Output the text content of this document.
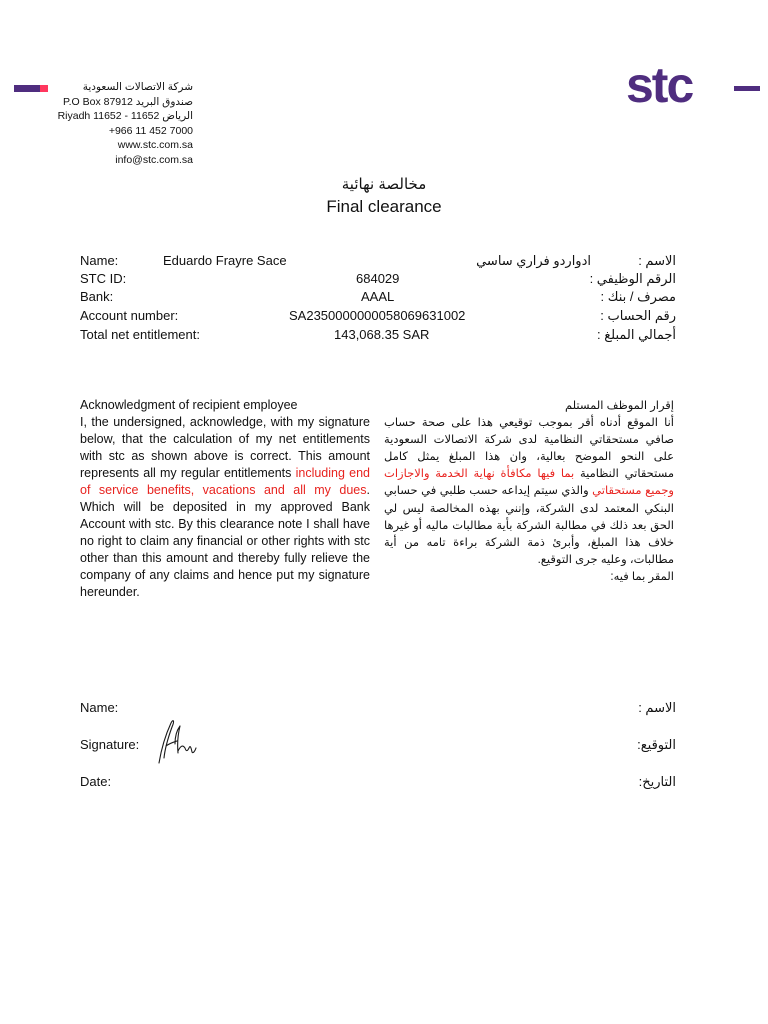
شركة الاتصالات السعودية
P.O Box 87912 صندوق البريد
Riyadh 11652 - 11652 الرياض
+966 11 452 7000
www.stc.com.sa
info@stc.com.sa
stc
مخالصة نهائية
Final clearance
Name:	Eduardo Frayre Sace	ادواردو فراري ساسي	الاسم :
STC ID:	684029	الرقم الوظيفي :
Bank:	AAAL	مصرف / بنك :
Account number:	SA2350000000058069631002	رقم الحساب :
Total net entitlement:	143,068.35 SAR	أجمالي المبلغ :
Acknowledgment of recipient employee
I, the undersigned, acknowledge, with my signature below, that the calculation of my net entitlements with stc as shown above is correct. This amount represents all my regular entitlements including end of service benefits, vacations and all my dues. Which will be deposited in my approved Bank Account with stc. By this clearance note I shall have no right to claim any financial or other rights with stc other than this amount and thereby fully relieve the company of any claims and hence put my signature hereunder.
إقرار الموظف المستلم
أنا الموقع أدناه أقر بموجب توقيعي هذا على صحة حساب صافي مستحقاتي النظامية لدى شركة الاتصالات السعودية على النحو الموضح بعالية، وان هذا المبلغ يمثل كامل مستحقاتي النظامية بما فيها مكافأة نهاية الخدمة والاجازات وجميع مستحقاتي والذي سيتم إيداعه حسب طلبي في حسابي البنكي المعتمد لدى الشركة، وإنني بهذه المخالصة ليس لي الحق بعد ذلك في مطالبة الشركة بأية مطالبات ماليه أو غيرها خلاف هذا المبلغ، وأبرئ ذمة الشركة براءة تامه من أية مطالبات، وعليه جرى التوقيع.
المقر بما فيه:
Name:	الاسم :
Signature:	التوقيع:
Date:	التاريخ:
